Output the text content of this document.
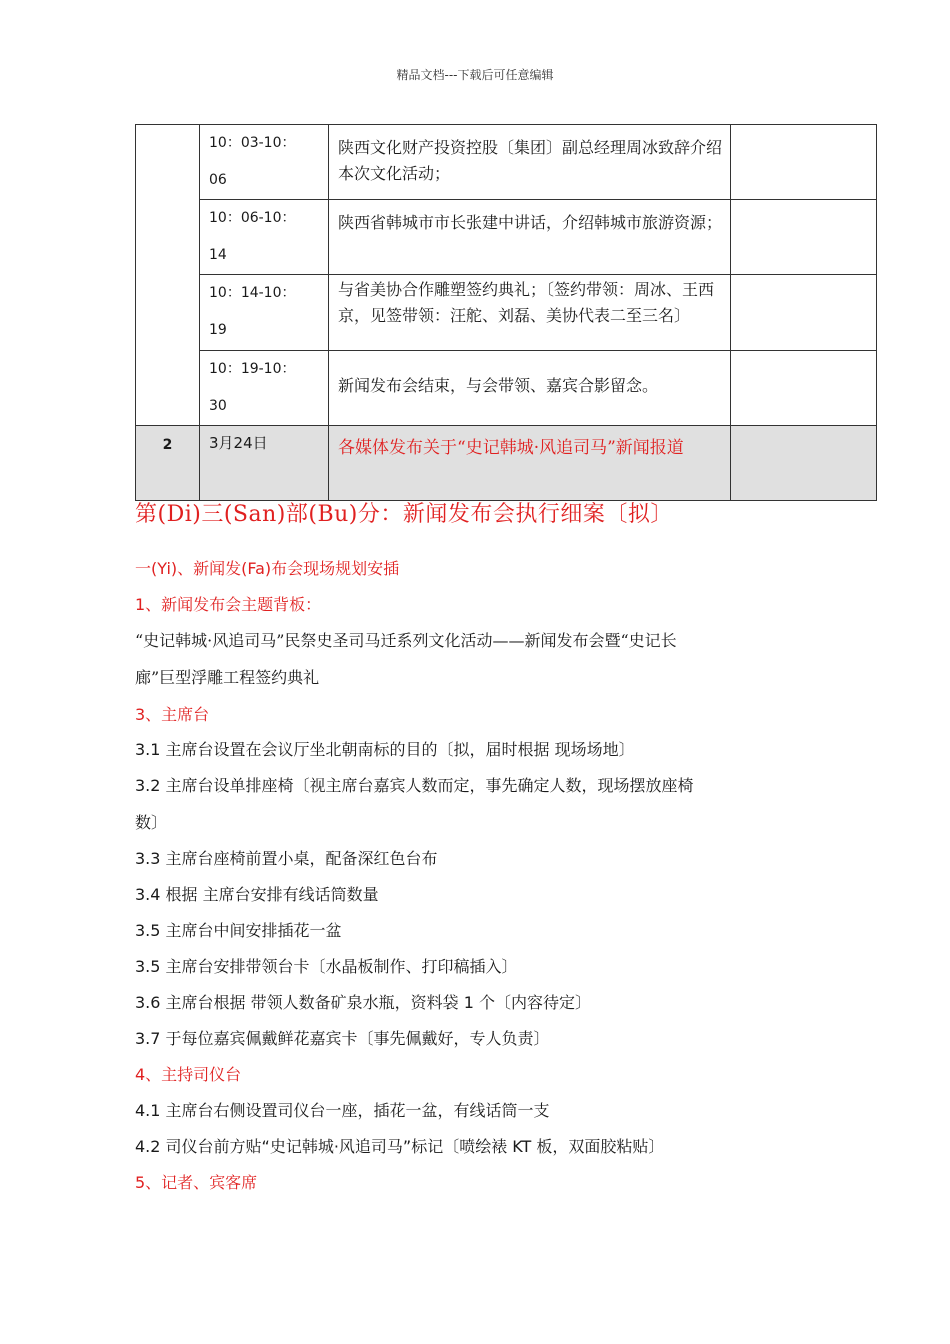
精品文档---下载后可任意编辑

	10：03-10：
06	陕西文化财产投资控股〔集团〕副总经理周冰致辞介绍本次文化活动；	

	10：06-10：
14	陕西省韩城市市长张建中讲话，介绍韩城市旅游资源；	

	10：14-10：
19	与省美协合作雕塑签约典礼；〔签约带领：周冰、王西京，见签带领：汪舵、刘磊、美协代表二至三名〕	

	10：19-10：
30	新闻发布会结束，与会带领、嘉宾合影留念。	

2	3月24日	各媒体发布关于“史记韩城·风追司马”新闻报道	

第(Di)三(San)部(Bu)分：新闻发布会执行细案〔拟〕
一(Yi)、新闻发(Fa)布会现场规划安插
1、新闻发布会主题背板：
“史记韩城·风追司马”民祭史圣司马迁系列文化活动——新闻发布会暨“史记长
廊”巨型浮雕工程签约典礼
3、主席台
3.1 主席台设置在会议厅坐北朝南标的目的〔拟，届时根据 现场场地〕
3.2 主席台设单排座椅〔视主席台嘉宾人数而定，事先确定人数，现场摆放座椅
数〕
3.3 主席台座椅前置小桌，配备深红色台布
3.4 根据 主席台安排有线话筒数量
3.5 主席台中间安排插花一盆
3.5 主席台安排带领台卡〔水晶板制作、打印稿插入〕
3.6 主席台根据 带领人数备矿泉水瓶，资料袋 1 个〔内容待定〕
3.7 于每位嘉宾佩戴鲜花嘉宾卡〔事先佩戴好，专人负责〕
4、主持司仪台
4.1 主席台右侧设置司仪台一座，插花一盆，有线话筒一支
4.2 司仪台前方贴“史记韩城·风追司马”标记〔喷绘裱 KT 板，双面胶粘贴〕
5、记者、宾客席
